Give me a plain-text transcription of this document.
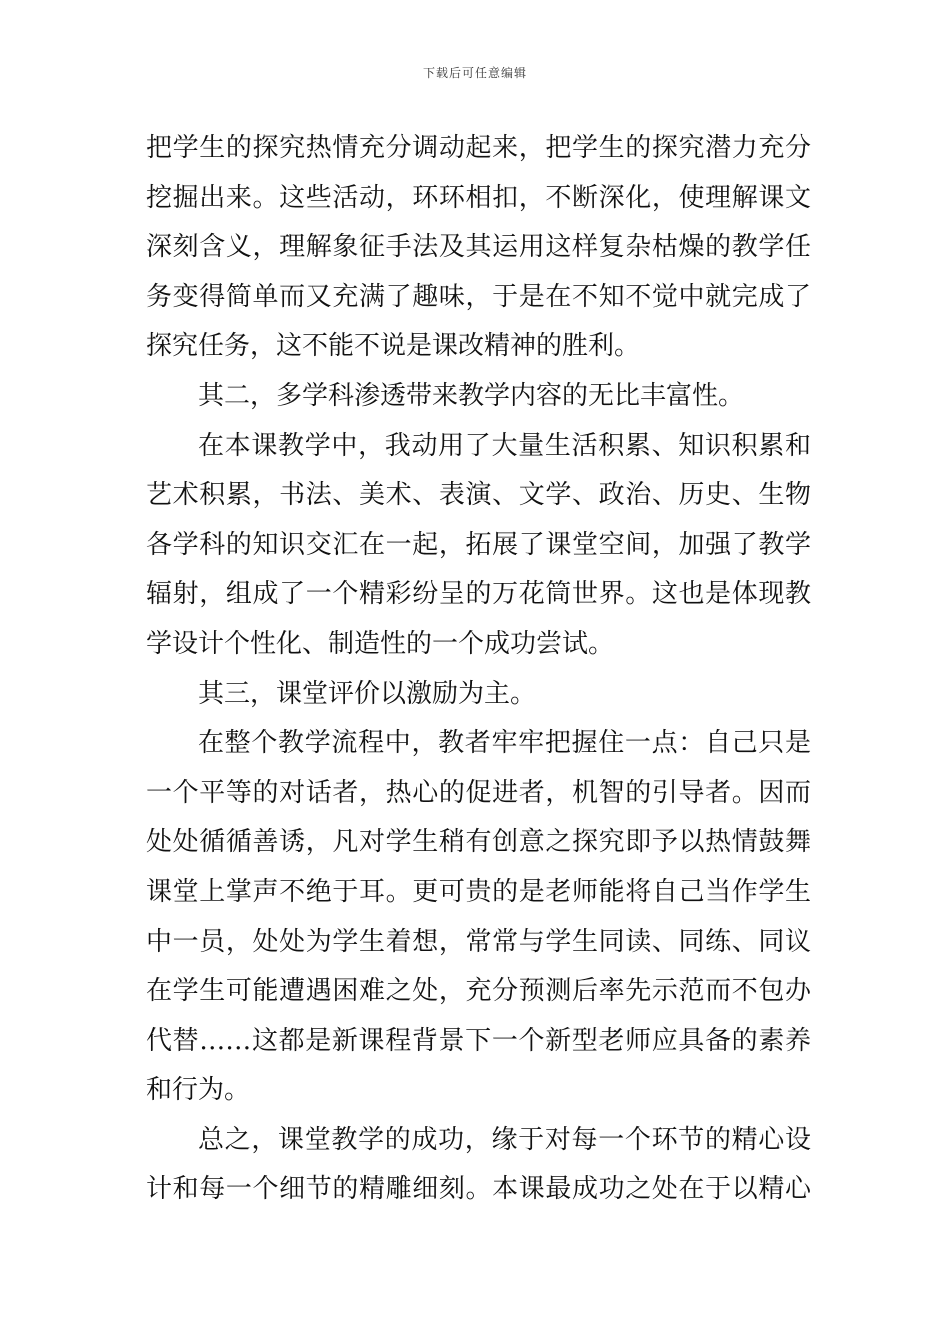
下载后可任意编辑
把学生的探究热情充分调动起来，把学生的探究潜力充分
挖掘出来。这些活动，环环相扣，不断深化，使理解课文
深刻含义，理解象征手法及其运用这样复杂枯燥的教学任
务变得简单而又充满了趣味，于是在不知不觉中就完成了
探究任务，这不能不说是课改精神的胜利。
其二，多学科渗透带来教学内容的无比丰富性。
在本课教学中，我动用了大量生活积累、知识积累和
艺术积累，书法、美术、表演、文学、政治、历史、生物
各学科的知识交汇在一起，拓展了课堂空间，加强了教学
辐射，组成了一个精彩纷呈的万花筒世界。这也是体现教
学设计个性化、制造性的一个成功尝试。
其三，课堂评价以激励为主。
在整个教学流程中，教者牢牢把握住一点：自己只是
一个平等的对话者，热心的促进者，机智的引导者。因而
处处循循善诱，凡对学生稍有创意之探究即予以热情鼓舞
课堂上掌声不绝于耳。更可贵的是老师能将自己当作学生
中一员，处处为学生着想，常常与学生同读、同练、同议
在学生可能遭遇困难之处，充分预测后率先示范而不包办
代替……这都是新课程背景下一个新型老师应具备的素养
和行为。
总之，课堂教学的成功，缘于对每一个环节的精心设
计和每一个细节的精雕细刻。本课最成功之处在于以精心
